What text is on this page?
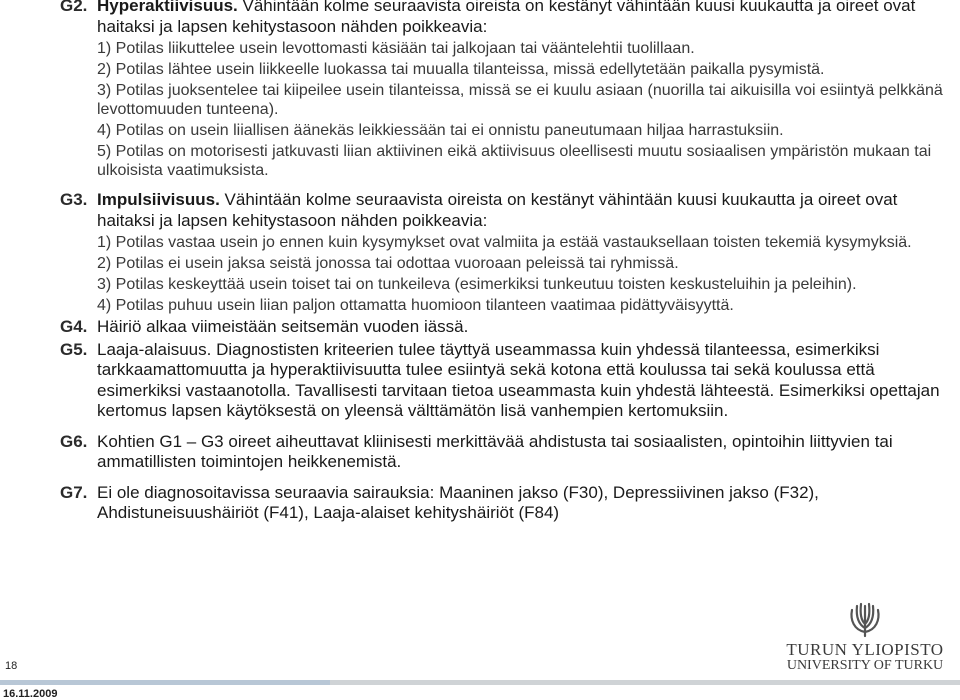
G2. Hyperaktiivisuus. Vähintään kolme seuraavista oireista on kestänyt vähintään kuusi kuukautta ja oireet ovat haitaksi ja lapsen kehitystasoon nähden poikkeavia:
1) Potilas liikuttelee usein levottomasti käsiään tai jalkojaan tai vääntelehtii tuolillaan.
2) Potilas lähtee usein liikkeelle luokassa tai muualla tilanteissa, missä edellytetään paikalla pysymistä.
3) Potilas juoksentelee tai kiipeilee usein tilanteissa, missä se ei kuulu asiaan (nuorilla tai aikuisilla voi esiintyä pelkkänä levottomuuden tunteena).
4) Potilas on usein liiallisen äänekäs leikkiessään tai ei onnistu paneutumaan hiljaa harrastuksiin.
5) Potilas on motorisesti jatkuvasti liian aktiivinen eikä aktiivisuus oleellisesti muutu sosiaalisen ympäristön mukaan tai ulkoisista vaatimuksista.
G3. Impulsiivisuus. Vähintään kolme seuraavista oireista on kestänyt vähintään kuusi kuukautta ja oireet ovat haitaksi ja lapsen kehitystasoon nähden poikkeavia:
1) Potilas vastaa usein jo ennen kuin kysymykset ovat valmiita ja estää vastauksellaan toisten tekemiä kysymyksiä.
2) Potilas ei usein jaksa seistä jonossa tai odottaa vuoroaan peleissä tai ryhmissä.
3) Potilas keskeyttää usein toiset tai on tunkeileva (esimerkiksi tunkeutuu toisten keskusteluihin ja peleihin).
4) Potilas puhuu usein liian paljon ottamatta huomioon tilanteen vaatimaa pidättyväisyyttä.
G4. Häiriö alkaa viimeistään seitsemän vuoden iässä.
G5. Laaja-alaisuus. Diagnostisten kriteerien tulee täyttyä useammassa kuin yhdessä tilanteessa, esimerkiksi tarkkaamattomuutta ja hyperaktiivisuutta tulee esiintyä sekä kotona että koulussa tai sekä koulussa että esimerkiksi vastaanotolla. Tavallisesti tarvitaan tietoa useammasta kuin yhdestä lähteestä. Esimerkiksi opettajan kertomus lapsen käytöksestä on yleensä välttämätön lisä vanhempien kertomuksiin.
G6. Kohtien G1 – G3 oireet aiheuttavat kliinisesti merkittävää ahdistusta tai sosiaalisten, opintoihin liittyvien tai ammatillisten toimintojen heikkenemistä.
G7. Ei ole diagnosoitavissa seuraavia sairauksia: Maaninen jakso (F30), Depressiivinen jakso (F32), Ahdistuneisuushäiriöt (F41), Laaja-alaiset kehityshäiriöt (F84)
TURUN YLIOPISTO
UNIVERSITY OF TURKU
18
16.11.2009
